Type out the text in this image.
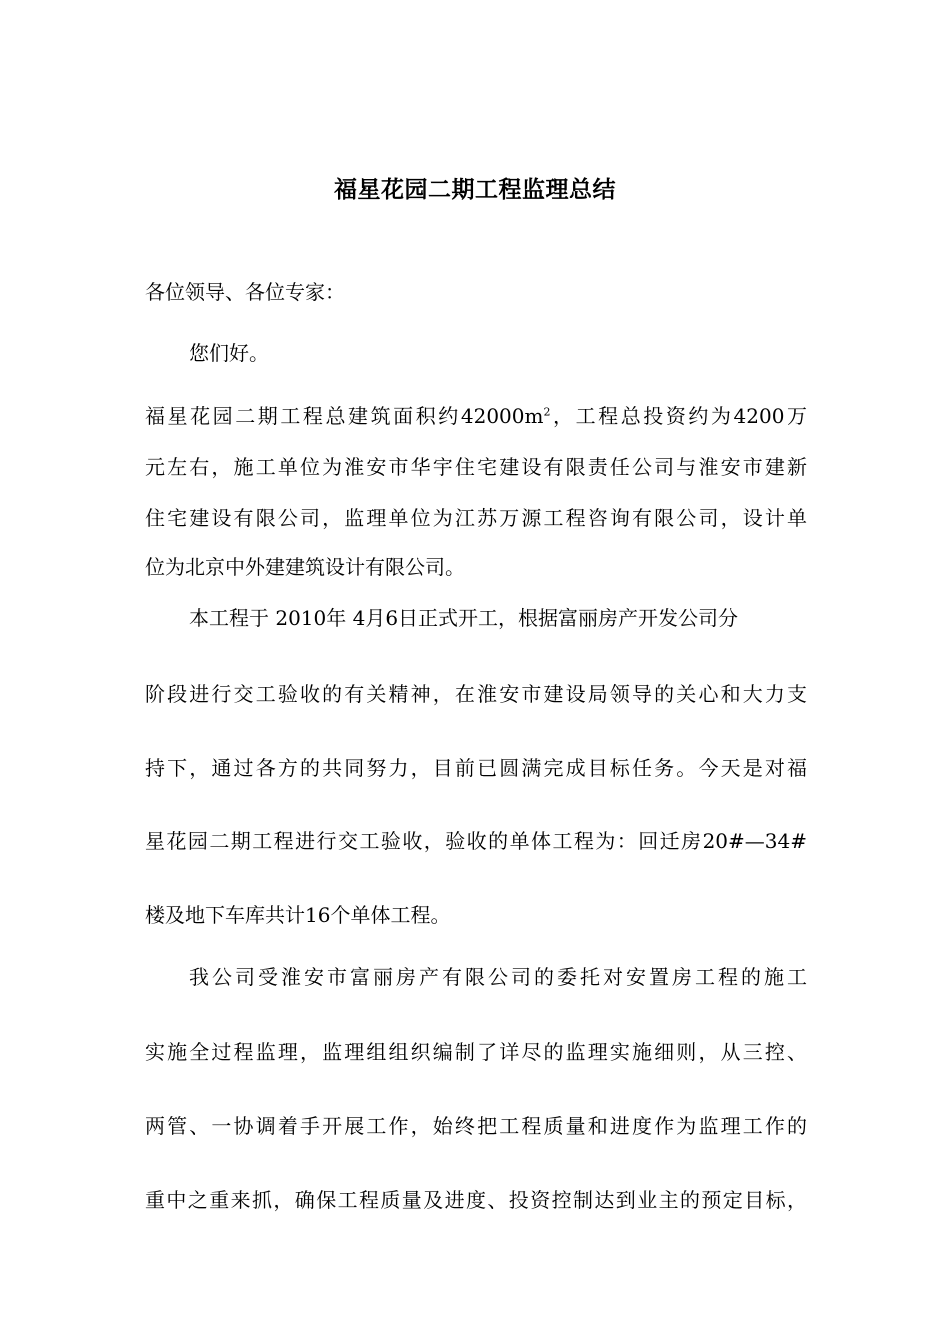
福星花园二期工程监理总结
各位领导、各位专家：
您们好。
福星花园二期工程总建筑面积约$42000m^2$，工程总投资约为4200万
元左右，施工单位为淮安市华宇住宅建设有限责任公司与淮安市建新
住宅建设有限公司，监理单位为江苏万源工程咨询有限公司，设计单
位为北京中外建建筑设计有限公司。
本工程于 2010年 4月6日正式开工，根据富丽房产开发公司分
阶段进行交工验收的有关精神，在淮安市建设局领导的关心和大力支
持下，通过各方的共同努力，目前已圆满完成目标任务。今天是对福
星花园二期工程进行交工验收，验收的单体工程为：回迁房20#—34#
楼及地下车库共计16个单体工程。
我公司受淮安市富丽房产有限公司的委托对安置房工程的施工
实施全过程监理，监理组组织编制了详尽的监理实施细则，从三控、
两管、一协调着手开展工作，始终把工程质量和进度作为监理工作的
重中之重来抓，确保工程质量及进度、投资控制达到业主的预定目标，
